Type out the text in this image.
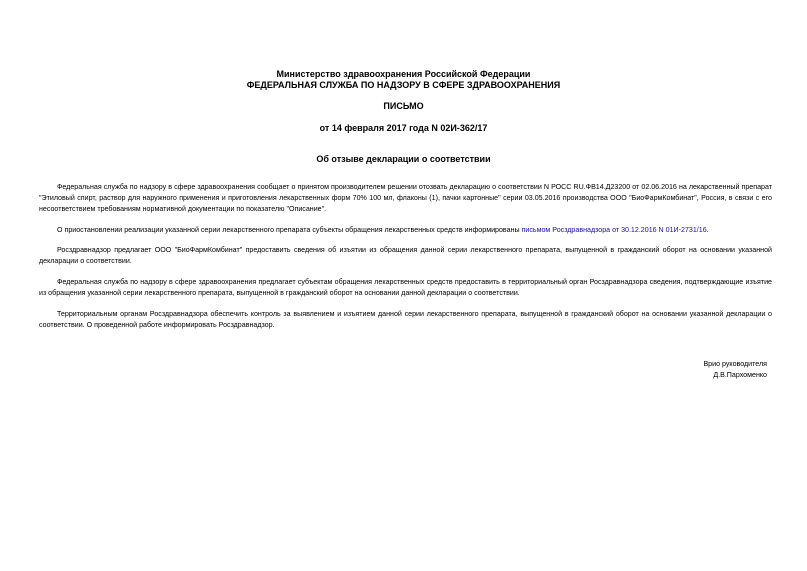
Министерство здравоохранения Российской Федерации
ФЕДЕРАЛЬНАЯ СЛУЖБА ПО НАДЗОРУ В СФЕРЕ ЗДРАВООХРАНЕНИЯ
ПИСЬМО
от 14 февраля 2017 года N 02И-362/17
Об отзыве декларации о соответствии

Федеральная служба по надзору в сфере здравоохранения сообщает о принятом производителем решении отозвать декларацию о соответствии N РОСС RU.ФВ14.Д23200 от 02.06.2016 на лекарственный препарат "Этиловый спирт, раствор для наружного применения и приготовления лекарственных форм 70% 100 мл, флаконы (1), пачки картонные" серии 03.05.2016 производства ООО "БиоФармКомбинат", Россия, в связи с его несоответствием требованиям нормативной документации по показателю "Описание".

О приостановлении реализации указанной серии лекарственного препарата субъекты обращения лекарственных средств информированы письмом Росздравнадзора от 30.12.2016 N 01И-2731/16.

Росздравнадзор предлагает ООО "БиоФармКомбинат" предоставить сведения об изъятии из обращения данной серии лекарственного препарата, выпущенной в гражданский оборот на основании указанной декларации о соответствии.

Федеральная служба по надзору в сфере здравоохранения предлагает субъектам обращения лекарственных средств предоставить в территориальный орган Росздравнадзора сведения, подтверждающие изъятие из обращения указанной серии лекарственного препарата, выпущенной в гражданский оборот на основании данной декларации о соответствии.

Территориальным органам Росздравнадзора обеспечить контроль за выявлением и изъятием данной серии лекарственного препарата, выпущенной в гражданский оборот на основании указанной декларации о соответствии. О проведенной работе информировать Росздравнадзор.

Врио руководителя
Д.В.Пархоменко
